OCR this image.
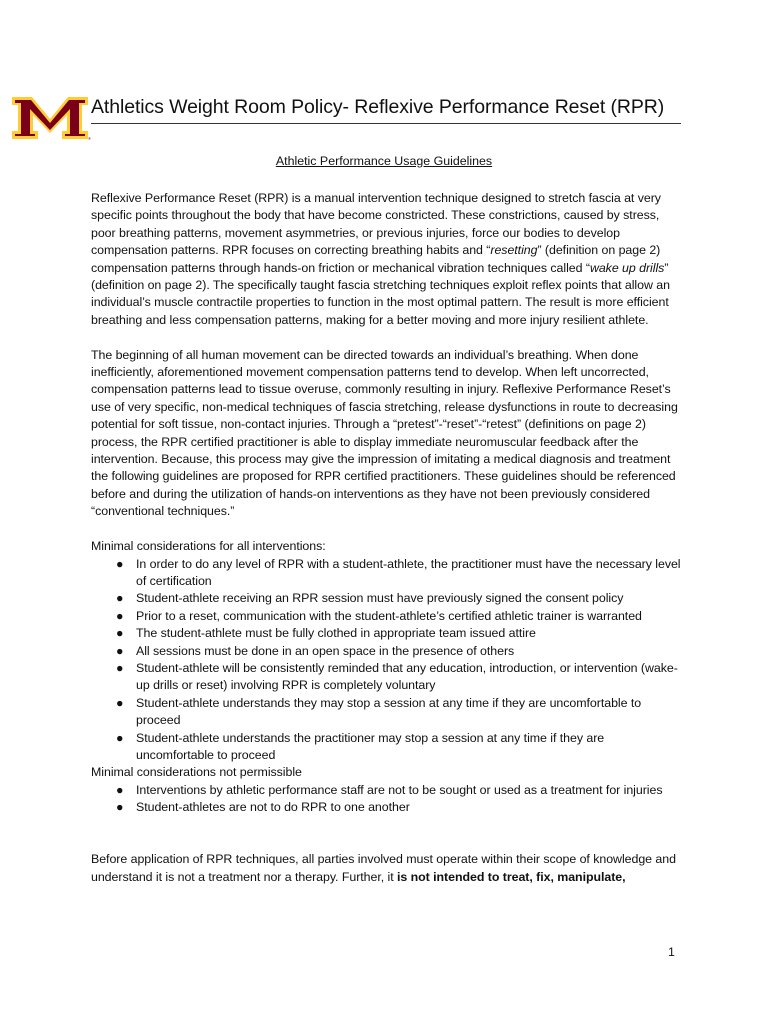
®
Athletics Weight Room Policy- Reflexive Performance Reset (RPR)
Athletic Performance Usage Guidelines

Reflexive Performance Reset (RPR) is a manual intervention technique designed to stretch fascia at very specific points throughout the body that have become constricted. These constrictions, caused by stress, poor breathing patterns, movement asymmetries, or previous injuries, force our bodies to develop compensation patterns. RPR focuses on correcting breathing habits and “resetting” (definition on page 2) compensation patterns through hands-on friction or mechanical vibration techniques called “wake up drills” (definition on page 2). The specifically taught fascia stretching techniques exploit reflex points that allow an individual’s muscle contractile properties to function in the most optimal pattern. The result is more efficient breathing and less compensation patterns, making for a better moving and more injury resilient athlete.

The beginning of all human movement can be directed towards an individual’s breathing. When done inefficiently, aforementioned movement compensation patterns tend to develop. When left uncorrected, compensation patterns lead to tissue overuse, commonly resulting in injury. Reflexive Performance Reset’s use of very specific, non-medical techniques of fascia stretching, release dysfunctions in route to decreasing potential for soft tissue, non-contact injuries. Through a “pretest”-“reset”-“retest” (definitions on page 2) process, the RPR certified practitioner is able to display immediate neuromuscular feedback after the intervention. Because, this process may give the impression of imitating a medical diagnosis and treatment the following guidelines are proposed for RPR certified practitioners. These guidelines should be referenced before and during the utilization of hands-on interventions as they have not been previously considered “conventional techniques.”

Minimal considerations for all interventions:

● In order to do any level of RPR with a student-athlete, the practitioner must have the necessary level of certification
● Student-athlete receiving an RPR session must have previously signed the consent policy
● Prior to a reset, communication with the student-athlete’s certified athletic trainer is warranted
● The student-athlete must be fully clothed in appropriate team issued attire
● All sessions must be done in an open space in the presence of others
● Student-athlete will be consistently reminded that any education, introduction, or intervention (wake-up drills or reset) involving RPR is completely voluntary
● Student-athlete understands they may stop a session at any time if they are uncomfortable to proceed
● Student-athlete understands the practitioner may stop a session at any time if they are uncomfortable to proceed

Minimal considerations not permissible

● Interventions by athletic performance staff are not to be sought or used as a treatment for injuries
● Student-athletes are not to do RPR to one another

Before application of RPR techniques, all parties involved must operate within their scope of knowledge and understand it is not a treatment nor a therapy. Further, it is not intended to treat, fix, manipulate,

1
